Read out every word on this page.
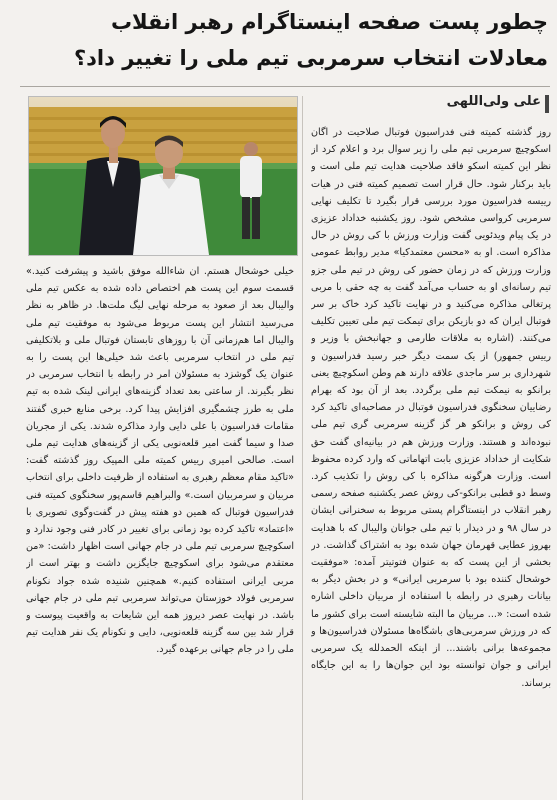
چطور پست صفحه اینستاگرام رهبر انقلاب
معادلات انتخاب سرمربی تیم ملی را تغییر داد؟
علی ولی‌اللهی

روز گذشته کمیته فنی فدراسیون فوتبال صلاحیت در اگان اسکوچیچ سرمربی تیم ملی را زیر سوال برد و اعلام کرد از نظر این کمیته اسکو فاقد صلاحیت هدایت تیم ملی است و باید برکنار شود. حال قرار است تصمیم کمیته فنی در هیات رییسه فدراسیون مورد بررسی قرار بگیرد تا تکلیف نهایی سرمربی کرواسی مشخص شود. روز یکشنبه خداداد عزیزی در یک پیام ویدئویی گفت وزارت ورزش با کی روش در حال مذاکره است. او به «محسن معتمدکیا» مدیر روابط عمومی وزارت ورزش که در زمان حضور کی روش در تیم ملی جزو تیم رسانه‌ای او به حساب می‌آمد گفت به چه حقی با مربی پرتغالی مذاکره می‌کنید و در نهایت تاکید کرد خاک بر سر فوتبال ایران که دو بازیکن برای تیمکت تیم ملی تعیین تکلیف می‌کنند. (اشاره به ملاقات طارمی و جهانبخش با وزیر و رییس جمهور) از یک سمت دیگر خبر رسید فدراسیون و شهرداری بر سر ماجدی علاقه دارند هم وطن اسکوچیچ یعنی برانکو به نیمکت تیم ملی برگردد. بعد از آن بود که بهرام رضاییان سخنگوی فدراسیون فوتبال در مصاحبه‌ای تاکید کرد کی روش و برانکو هر گز گزینه سرمربی گری تیم ملی نبوده‌اند و هستند. وزارت ورزش هم در بیانیه‌ای گفت حق شکایت از خداداد عزیزی بابت اتهاماتی که وارد کرده محفوظ است. وزارت هرگونه مذاکره با کی روش را تکذیب کرد. وسط دو قطبی برانکو-کی روش عصر یکشنبه صفحه رسمی رهبر انقلاب در اینستاگرام پستی مربوط به سخنرانی ایشان در سال ۹۸ و در دیدار با تیم ملی جوانان والیبال که با هدایت بهروز عطایی قهرمان جهان شده بود به اشتراک گذاشت. در بخشی از این پست که به عنوان فتوتیتر آمده: «موفقیت خوشحال کننده بود با سرمربی ایرانی» و در بخش دیگر به بیانات رهبری در رابطه با استفاده از مربیان داخلی اشاره شده است: «... مربیان ما البته شایسته است برای کشور ما که در ورزش سرمربی‌های باشگاه‌ها مسئولان فدراسیون‌ها و مجموعه‌ها برانی باشند... از اینکه الحمدلله یک سرمربی ایرانی و جوان توانسته بود این جوان‌ها را به این جایگاه برساند.

خیلی خوشحال هستم. ان شاءالله موفق باشید و پیشرفت کنید.» قسمت سوم این پست هم اختصاص داده شده به عکس تیم ملی والیبال بعد از صعود به مرحله نهایی لیگ ملت‌ها. در ظاهر به نظر می‌رسید انتشار این پست مربوط می‌شود به موفقیت تیم ملی والیبال اما هم‌زمانی آن با روزهای تابستان فوتبال ملی و بلاتکلیفی تیم ملی در انتخاب سرمربی باعث شد خیلی‌ها این پست را به عنوان یک گوشزد به مسئولان امر در رابطه با انتخاب سرمربی در نظر بگیرند. از ساعتی بعد تعداد گزینه‌های ایرانی لینک شده به تیم ملی به طرز چشمگیری افزایش پیدا کرد. برخی منابع خبری گفتند مقامات فدراسیون با علی دایی وارد مذاکره شدند. یکی از مجریان صدا و سیما گفت امیر قلعه‌نویی یکی از گزینه‌های هدایت تیم ملی است. صالحی امیری رییس کمیته ملی المپیک روز گذشته گفت: «تاکید مقام معظم رهبری به استفاده از ظرفیت داخلی برای انتخاب مربیان و سرمربیان است.» والبراهیم قاسم‌پور سخنگوی کمیته فنی فدراسیون فوتبال که همین دو هفته پیش در گفت‌وگوی تصویری با «اعتماد» تاکید کرده بود زمانی برای تغییر در کادر فنی وجود ندارد و اسکوچیچ سرمربی تیم ملی در جام جهانی است اظهار داشت: «من معتقدم می‌شود برای اسکوچیچ جایگزین داشت و بهتر است از مربی ایرانی استفاده کنیم.» همچنین شنیده شده جواد نکونام سرمربی فولاد خوزستان می‌تواند سرمربی تیم ملی در جام جهانی باشد. در نهایت عصر دیروز همه این شایعات به واقعیت پیوست و قرار شد بین سه گزینه قلعه‌نویی، دایی و نکونام یک نفر هدایت تیم ملی را در جام جهانی برعهده گیرد.
